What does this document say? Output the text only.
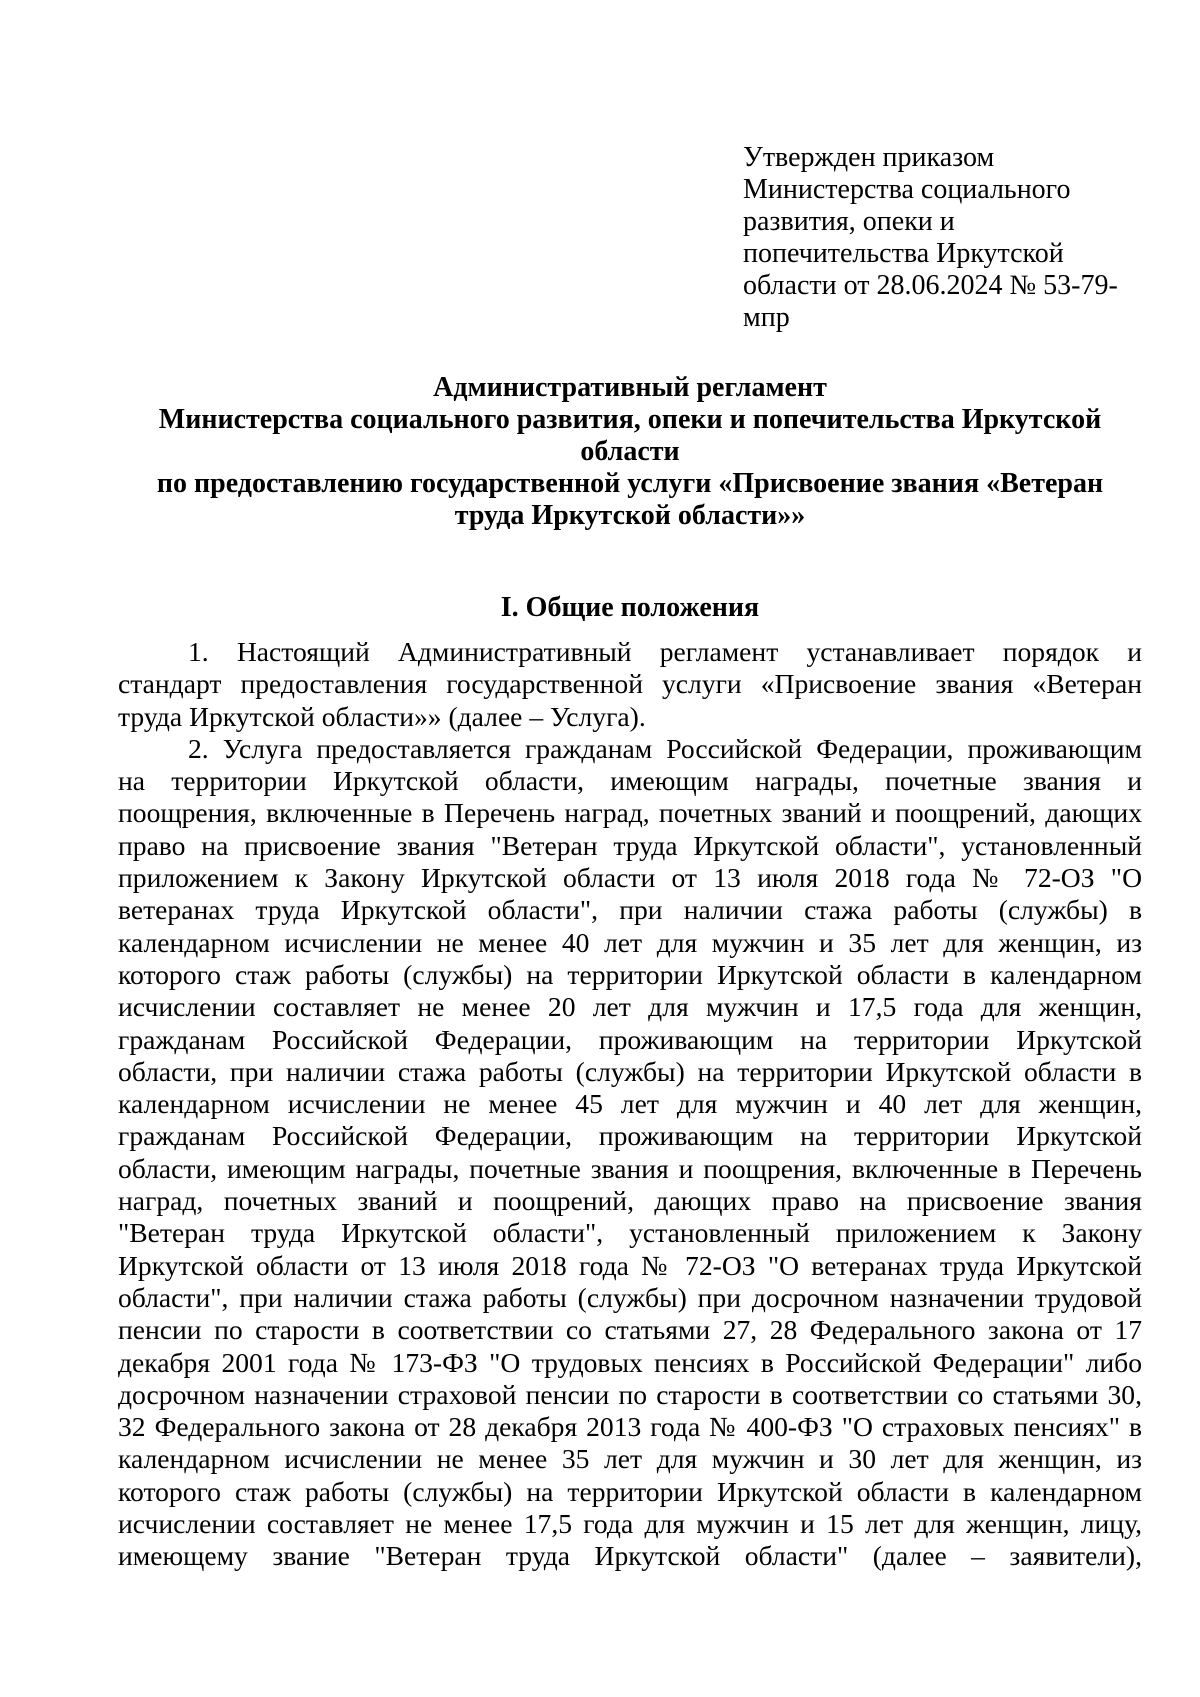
Утвержден приказом
Министерства социального
развития, опеки и
попечительства Иркутской
области от 28.06.2024 № 53-79-
мпр
Административный регламент
Министерства социального развития, опеки и попечительства Иркутской
области
по предоставлению государственной услуги «Присвоение звания «Ветеран
труда Иркутской области»»
I. Общие положения
1. Настоящий Административный регламент устанавливает порядок и
стандарт предоставления государственной услуги «Присвоение звания «Ветеран
труда Иркутской области»» (далее – Услуга).
2. Услуга предоставляется гражданам Российской Федерации, проживающим
на территории Иркутской области, имеющим награды, почетные звания и
поощрения, включенные в Перечень наград, почетных званий и поощрений, дающих
право на присвоение звания "Ветеран труда Иркутской области", установленный
приложением к Закону Иркутской области от 13 июля 2018 года № 72-ОЗ "О
ветеранах труда Иркутской области", при наличии стажа работы (службы) в
календарном исчислении не менее 40 лет для мужчин и 35 лет для женщин, из
которого стаж работы (службы) на территории Иркутской области в календарном
исчислении составляет не менее 20 лет для мужчин и 17,5 года для женщин,
гражданам Российской Федерации, проживающим на территории Иркутской
области, при наличии стажа работы (службы) на территории Иркутской области в
календарном исчислении не менее 45 лет для мужчин и 40 лет для женщин,
гражданам Российской Федерации, проживающим на территории Иркутской
области, имеющим награды, почетные звания и поощрения, включенные в Перечень
наград, почетных званий и поощрений, дающих право на присвоение звания
"Ветеран труда Иркутской области", установленный приложением к Закону
Иркутской области от 13 июля 2018 года № 72-ОЗ "О ветеранах труда Иркутской
области", при наличии стажа работы (службы) при досрочном назначении трудовой
пенсии по старости в соответствии со статьями 27, 28 Федерального закона от 17
декабря 2001 года № 173-ФЗ "О трудовых пенсиях в Российской Федерации" либо
досрочном назначении страховой пенсии по старости в соответствии со статьями 30,
32 Федерального закона от 28 декабря 2013 года № 400-ФЗ "О страховых пенсиях" в
календарном исчислении не менее 35 лет для мужчин и 30 лет для женщин, из
которого стаж работы (службы) на территории Иркутской области в календарном
исчислении составляет не менее 17,5 года для мужчин и 15 лет для женщин, лицу,
имеющему звание "Ветеран труда Иркутской области" (далее – заявители),
